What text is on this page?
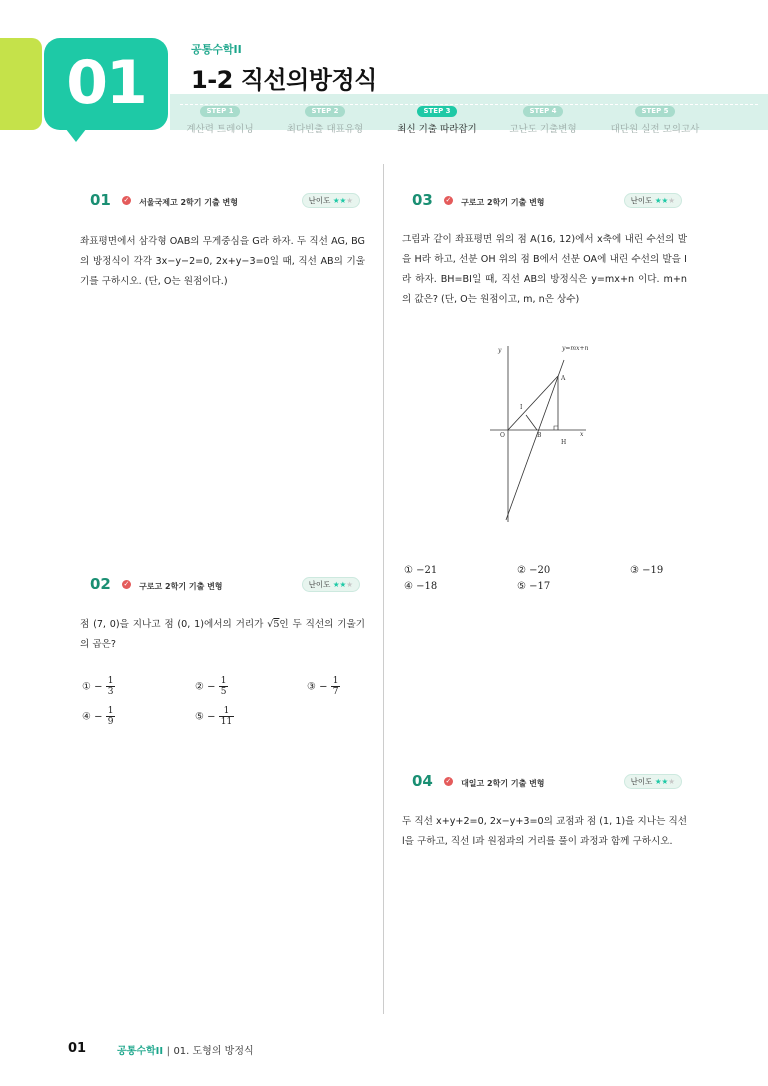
01	공통수학II
1-2 직선의방정식
STEP 1
계산력 트레이닝
STEP 2
최다빈출 대표유형
STEP 3
최신 기출 따라잡기
STEP 4
고난도 기출변형
STEP 5
대단원 실전 모의고사
01 ✓ 서울국제고 2학기 기출 변형	난이도 ★★★
좌표평면에서 삼각형 OAB의 무게중심을 G라 하자. 두 직선 AG, BG의 방정식이 각각 3x−y−2=0, 2x+y−3=0일 때, 직선 AB의 기울기를 구하시오. (단, O는 원점이다.)
02 ✓ 구로고 2학기 기출 변형	난이도 ★★★
점 (7, 0)을 지나고 점 (0, 1)에서의 거리가 √5인 두 직선의 기울기의 곱은?
① − $\frac{1}{3}$	② − $\frac{1}{5}$	③ − $\frac{1}{7}$
④ − $\frac{1}{9}$	⑤ − $\frac{1}{11}$
03 ✓ 구로고 2학기 기출 변형	난이도 ★★★
그림과 같이 좌표평면 위의 점 A(16, 12)에서 x축에 내린 수선의 발을 H라 하고, 선분 OH 위의 점 B에서 선분 OA에 내린 수선의 발을 I라 하자. BH=BI일 때, 직선 AB의 방정식은 y=mx+n 이다. m+n의 값은? (단, O는 원점이고, m, n은 상수)
y
x
O
A
B
H
I
y=mx+n
① −21	② −20	③ −19
④ −18	⑤ −17
04 ✓ 대일고 2학기 기출 변형	난이도 ★★★
두 직선 x+y+2=0, 2x−y+3=0의 교점과 점 (1, 1)을 지나는 직선 l을 구하고, 직선 l과 원점과의 거리를 풀이 과정과 함께 구하시오.
01	공통수학II | 01. 도형의 방정식
